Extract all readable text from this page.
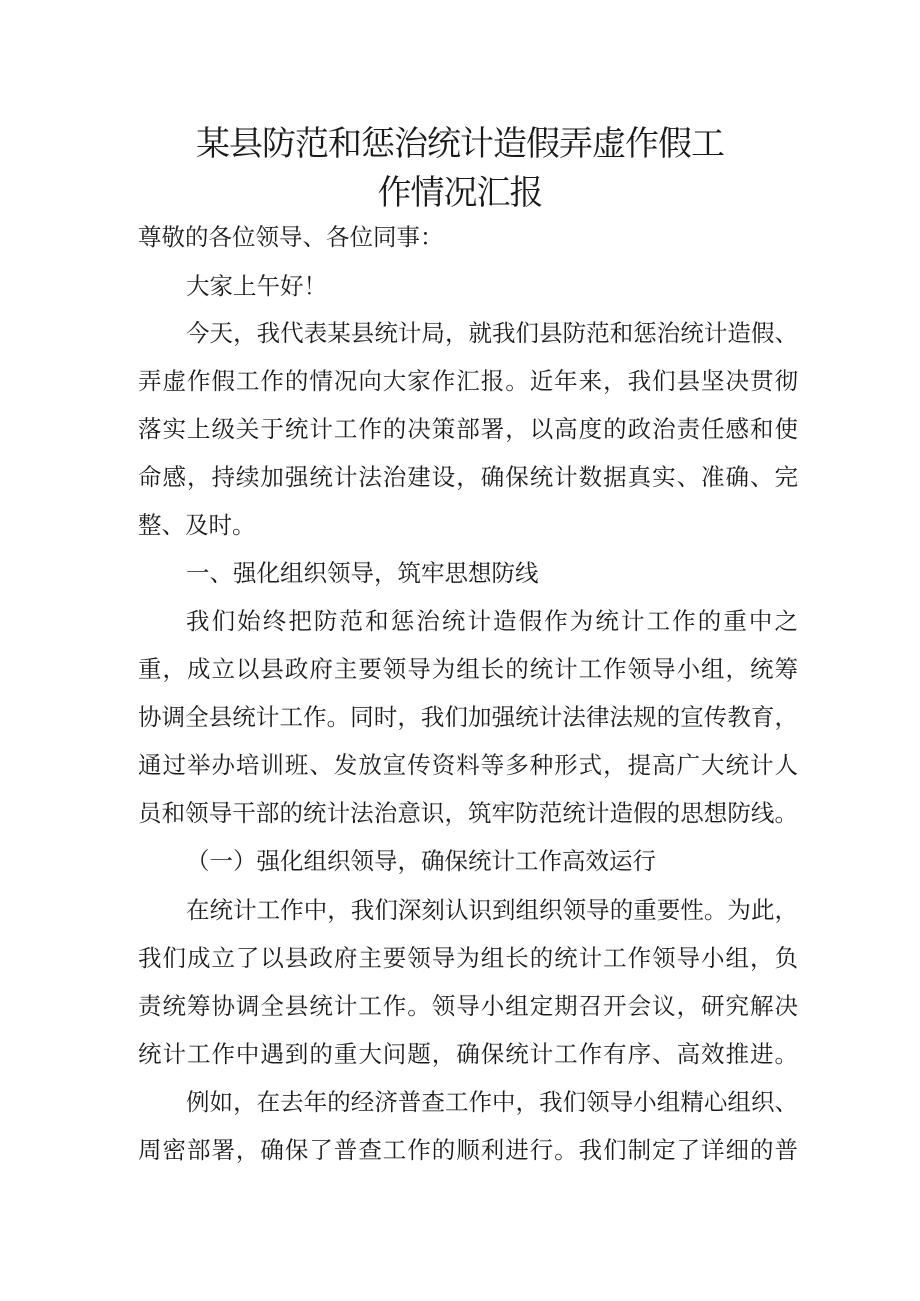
某县防范和惩治统计造假弄虚作假工
作情况汇报
尊敬的各位领导、各位同事：
大家上午好！
今天，我代表某县统计局，就我们县防范和惩治统计造假、
弄虚作假工作的情况向大家作汇报。近年来，我们县坚决贯彻
落实上级关于统计工作的决策部署，以高度的政治责任感和使
命感，持续加强统计法治建设，确保统计数据真实、准确、完
整、及时。
一、强化组织领导，筑牢思想防线
我们始终把防范和惩治统计造假作为统计工作的重中之
重，成立以县政府主要领导为组长的统计工作领导小组，统筹
协调全县统计工作。同时，我们加强统计法律法规的宣传教育，
通过举办培训班、发放宣传资料等多种形式，提高广大统计人
员和领导干部的统计法治意识，筑牢防范统计造假的思想防线。
（一）强化组织领导，确保统计工作高效运行
在统计工作中，我们深刻认识到组织领导的重要性。为此，
我们成立了以县政府主要领导为组长的统计工作领导小组，负
责统筹协调全县统计工作。领导小组定期召开会议，研究解决
统计工作中遇到的重大问题，确保统计工作有序、高效推进。
例如，在去年的经济普查工作中，我们领导小组精心组织、
周密部署，确保了普查工作的顺利进行。我们制定了详细的普
